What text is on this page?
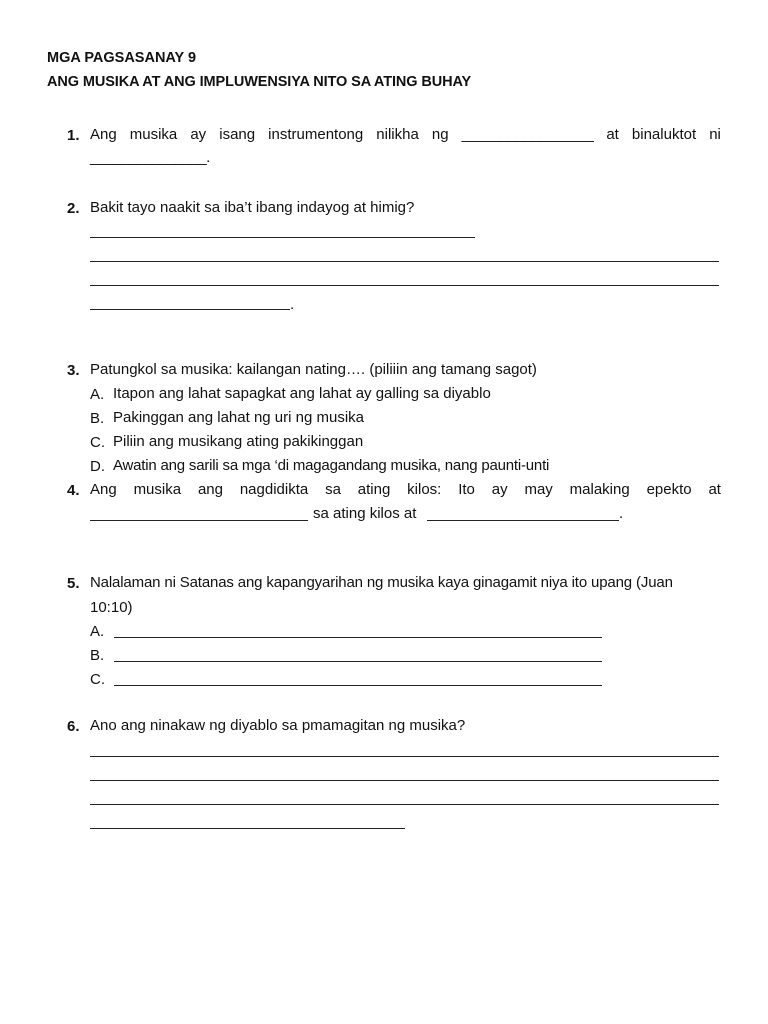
MGA PAGSASANAY 9
ANG MUSIKA AT ANG IMPLUWENSIYA NITO SA ATING BUHAY
1. Ang musika ay isang instrumentong nilikha ng _________________ at binaluktot ni
_______________.
2. Bakit tayo naakit sa iba’t ibang indayog at himig?
.
3. Patungkol sa musika: kailangan nating…. (piliiin ang tamang sagot)
A. Itapon ang lahat sapagkat ang lahat ay galling sa diyablo
B. Pakinggan ang lahat ng uri ng musika
C. Piliin ang musikang ating pakikinggan
D. Awatin ang sarili sa mga ‘di magagandang musika, nang paunti-unti
4. Ang musika ang nagdidikta sa ating kilos: Ito ay may malaking epekto at
sa ating kilos at	.
5. Nalalaman ni Satanas ang kapangyarihan ng musika kaya ginagamit niya ito upang (Juan
10:10)
A.
B.
C.
6. Ano ang ninakaw ng diyablo sa pmamagitan ng musika?
